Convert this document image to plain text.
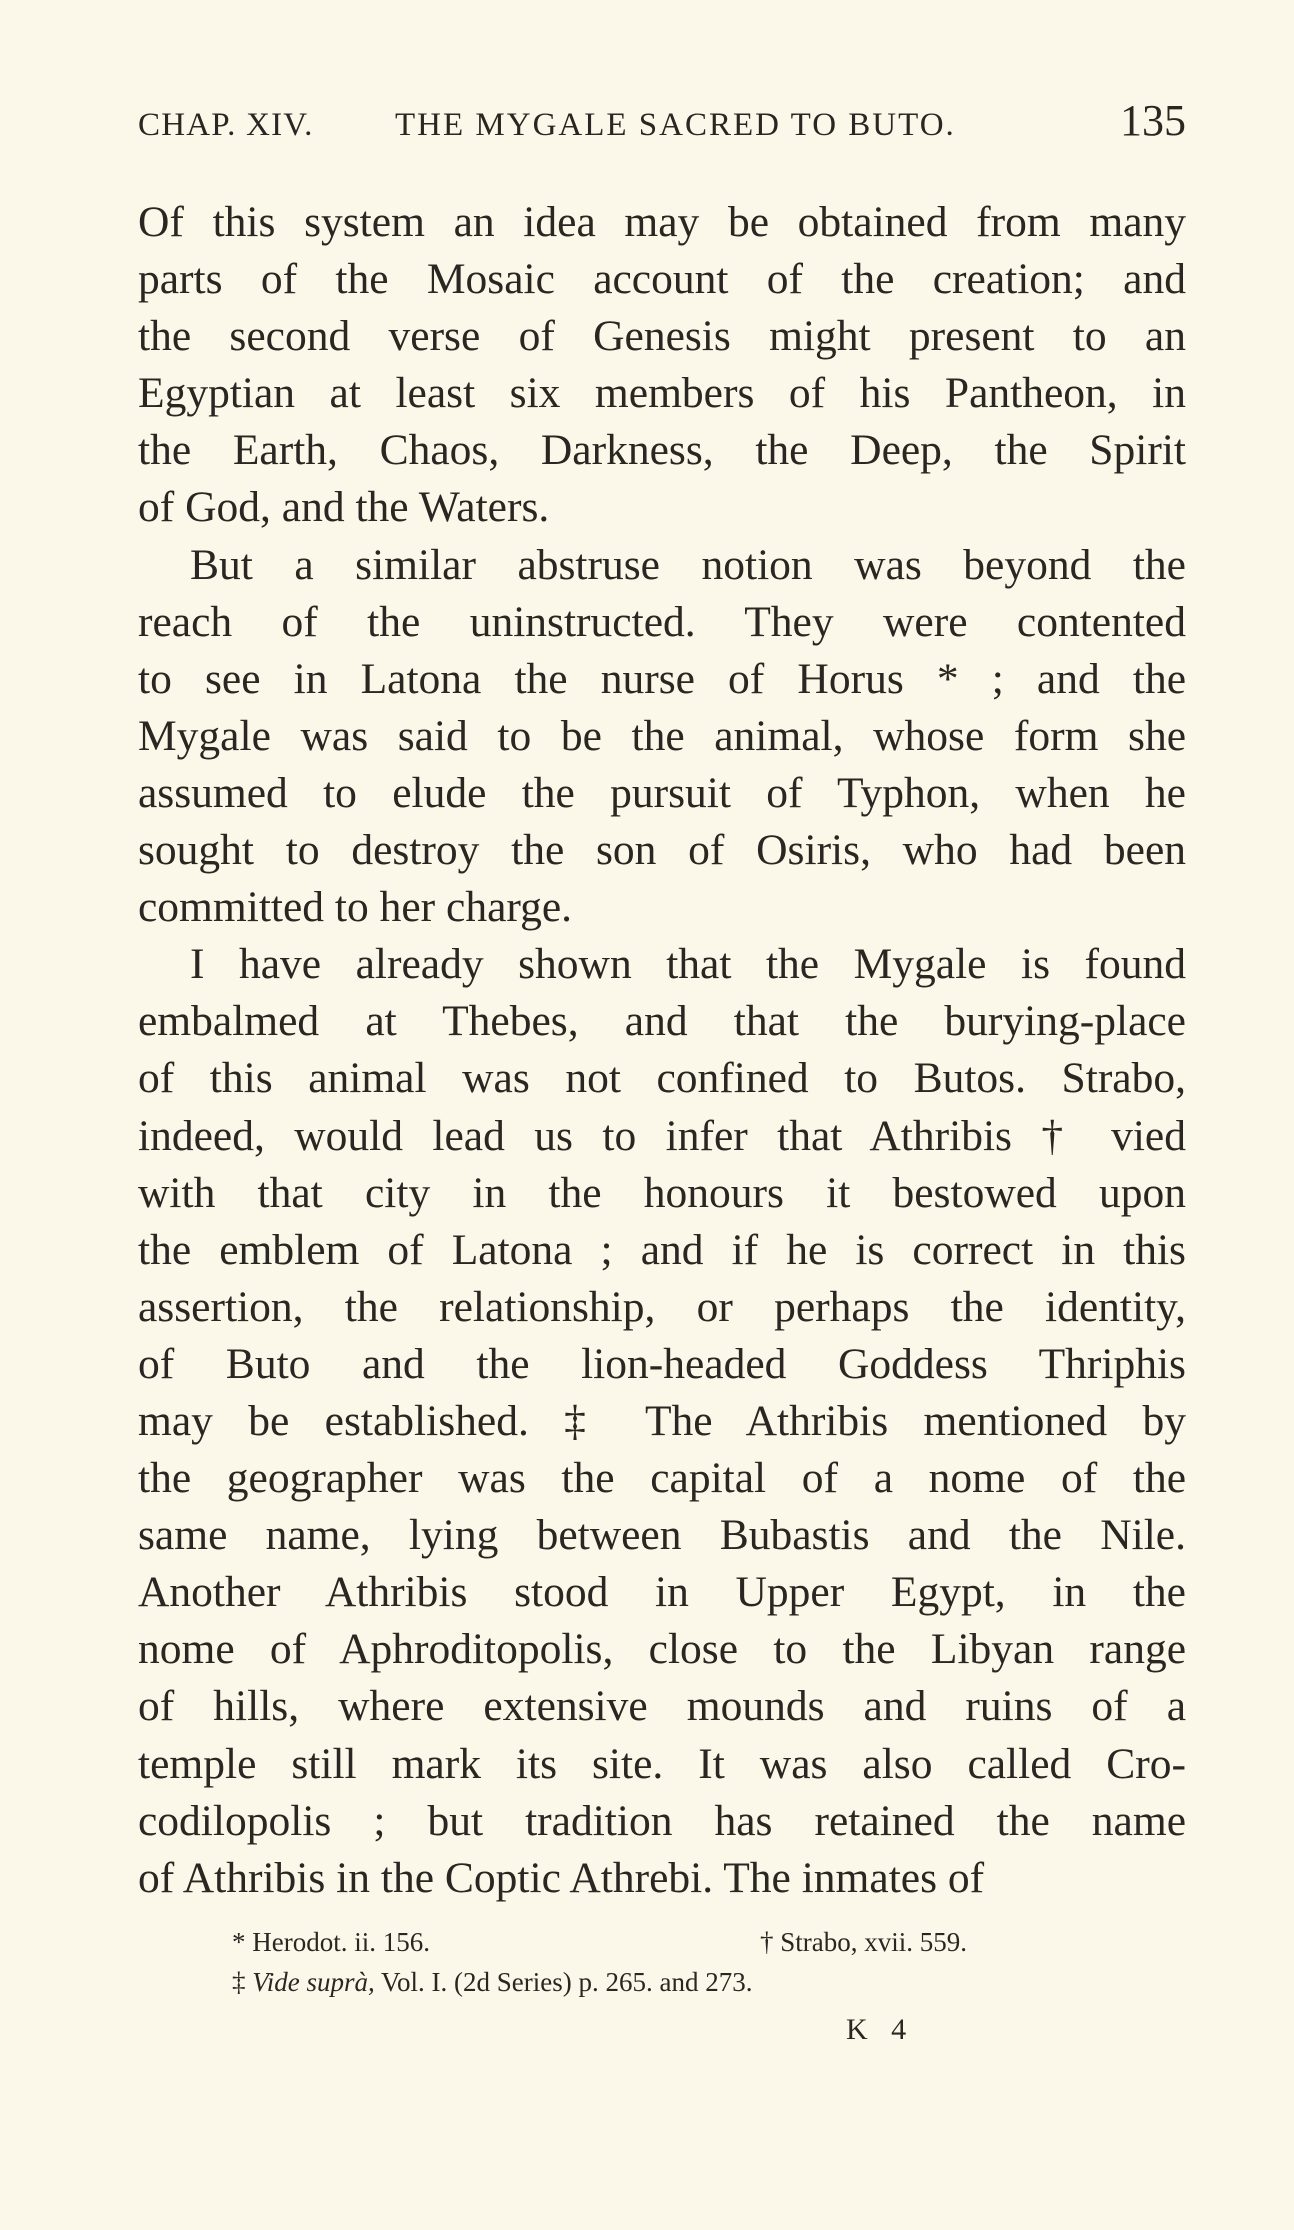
CHAP. XIV. THE MYGALE SACRED TO BUTO.	135
Of this system an idea may be obtained from many
parts of the Mosaic account of the creation; and
the second verse of Genesis might present to an
Egyptian at least six members of his Pantheon, in
the Earth, Chaos, Darkness, the Deep, the Spirit
of God, and the Waters.
But a similar abstruse notion was beyond the
reach of the uninstructed. They were contented
to see in Latona the nurse of Horus * ; and the
Mygale was said to be the animal, whose form she
assumed to elude the pursuit of Typhon, when he
sought to destroy the son of Osiris, who had been
committed to her charge.
I have already shown that the Mygale is found
embalmed at Thebes, and that the burying-place
of this animal was not confined to Butos. Strabo,
indeed, would lead us to infer that Athribis † vied
with that city in the honours it bestowed upon
the emblem of Latona ; and if he is correct in this
assertion, the relationship, or perhaps the identity,
of Buto and the lion-headed Goddess Thriphis
may be established. ‡ The Athribis mentioned by
the geographer was the capital of a nome of the
same name, lying between Bubastis and the Nile.
Another Athribis stood in Upper Egypt, in the
nome of Aphroditopolis, close to the Libyan range
of hills, where extensive mounds and ruins of a
temple still mark its site. It was also called Cro-
codilopolis ; but tradition has retained the name
of Athribis in the Coptic Athrebi. The inmates of
* Herodot. ii. 156.	† Strabo, xvii. 559.
‡ Vide suprà, Vol. I. (2d Series) p. 265. and 273.
K 4
